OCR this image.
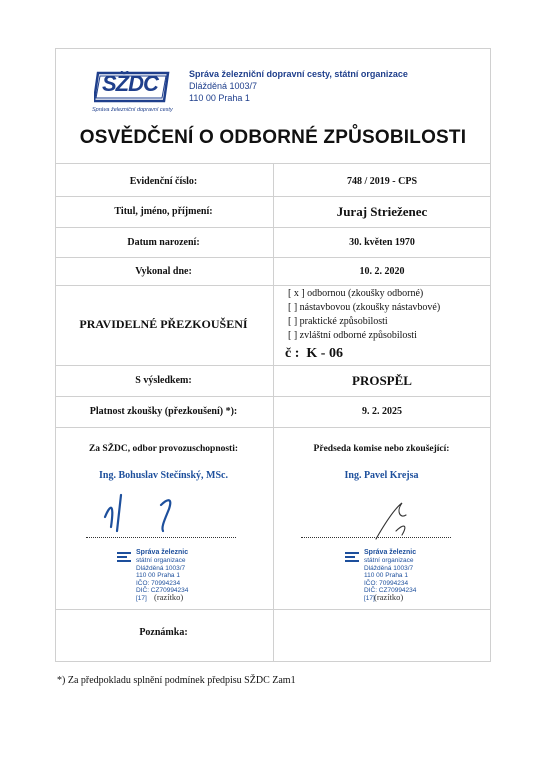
SŽDC
Správa železniční dopravní cesty
Správa železniční dopravní cesty, státní organizace
Dlážděná 1003/7
110 00 Praha 1
OSVĚDČENÍ O ODBORNÉ ZPŮSOBILOSTI
Evidenční číslo:	748 / 2019 - CPS
Titul, jméno, příjmení:	Juraj Strieženec
Datum narození:	30. květen 1970
Vykonal dne:	10. 2. 2020
PRAVIDELNÉ PŘEZKOUŠENÍ
[ x ] odbornou (zkoušky odborné)
[ ] nástavbovou (zkoušky nástavbové)
[ ] praktické způsobilosti
[ ] zvláštní odborné způsobilosti
č : K - 06
S výsledkem:	PROSPĚL
Platnost zkoušky (přezkoušení) *):	9. 2. 2025
Za SŽDC, odbor provozuschopnosti:
Ing. Bohuslav Stečínský, MSc.
Předseda komise nebo zkoušející:
Ing. Pavel Krejsa
Správa železnic
státní organizace
Dlážděná 1003/7
110 00 Praha 1
IČO: 70994234
DIČ: CZ70994234
[17] (razítko)
Správa železnic
státní organizace
Dlážděná 1003/7
110 00 Praha 1
IČO: 70994234
DIČ: CZ70994234
[17] (razítko)
Poznámka:
*) Za předpokladu splnění podmínek předpisu SŽDC Zam1
